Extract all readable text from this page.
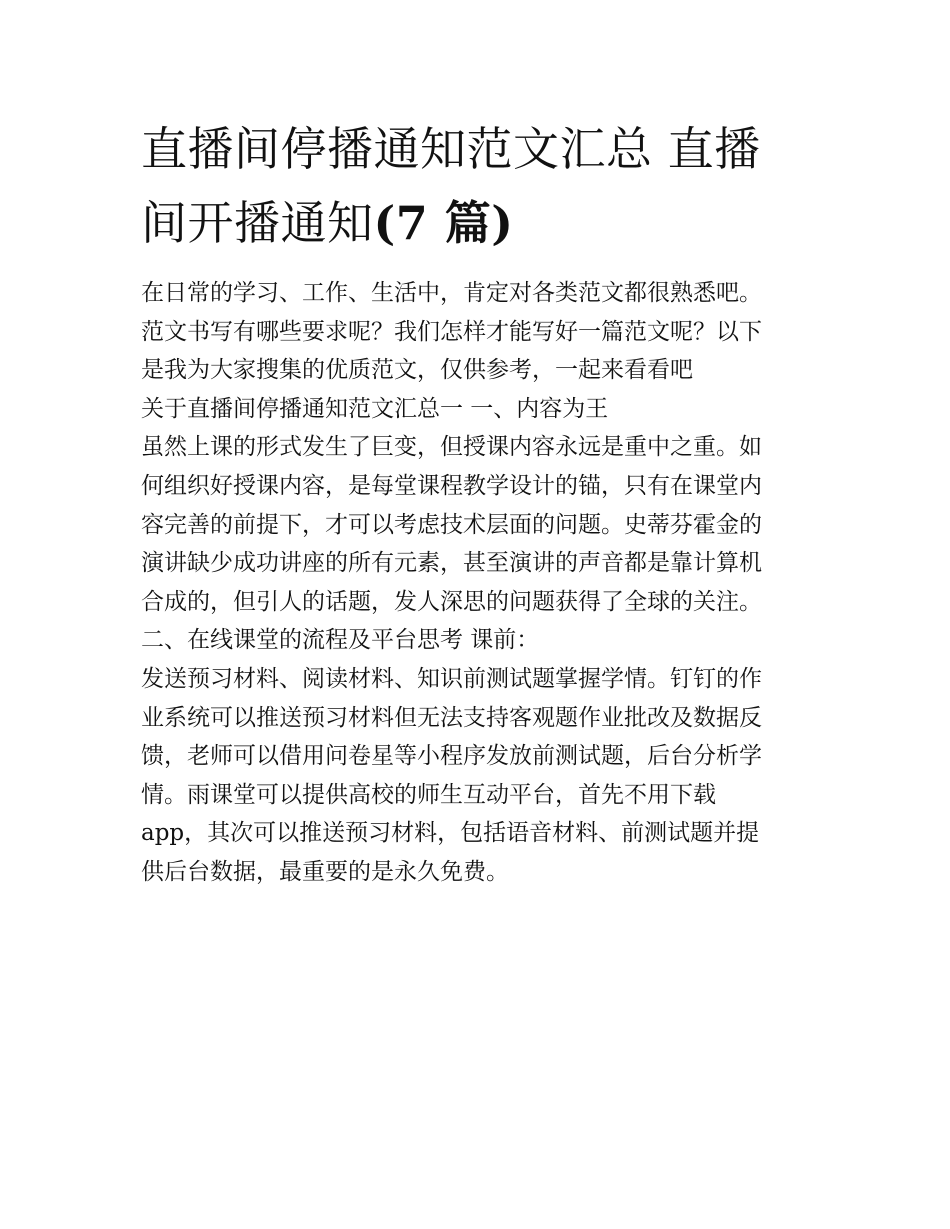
直播间停播通知范文汇总 直播
间开播通知(7 篇)
在日常的学习、工作、生活中，肯定对各类范文都很熟悉吧。
范文书写有哪些要求呢？我们怎样才能写好一篇范文呢？以下
是我为大家搜集的优质范文，仅供参考，一起来看看吧
关于直播间停播通知范文汇总一 一、内容为王
虽然上课的形式发生了巨变，但授课内容永远是重中之重。如
何组织好授课内容，是每堂课程教学设计的锚，只有在课堂内
容完善的前提下，才可以考虑技术层面的问题。史蒂芬霍金的
演讲缺少成功讲座的所有元素，甚至演讲的声音都是靠计算机
合成的，但引人的话题，发人深思的问题获得了全球的关注。
二、在线课堂的流程及平台思考 课前：
发送预习材料、阅读材料、知识前测试题掌握学情。钉钉的作
业系统可以推送预习材料但无法支持客观题作业批改及数据反
馈，老师可以借用问卷星等小程序发放前测试题，后台分析学
情。雨课堂可以提供高校的师生互动平台，首先不用下载
app，其次可以推送预习材料，包括语音材料、前测试题并提
供后台数据，最重要的是永久免费。
